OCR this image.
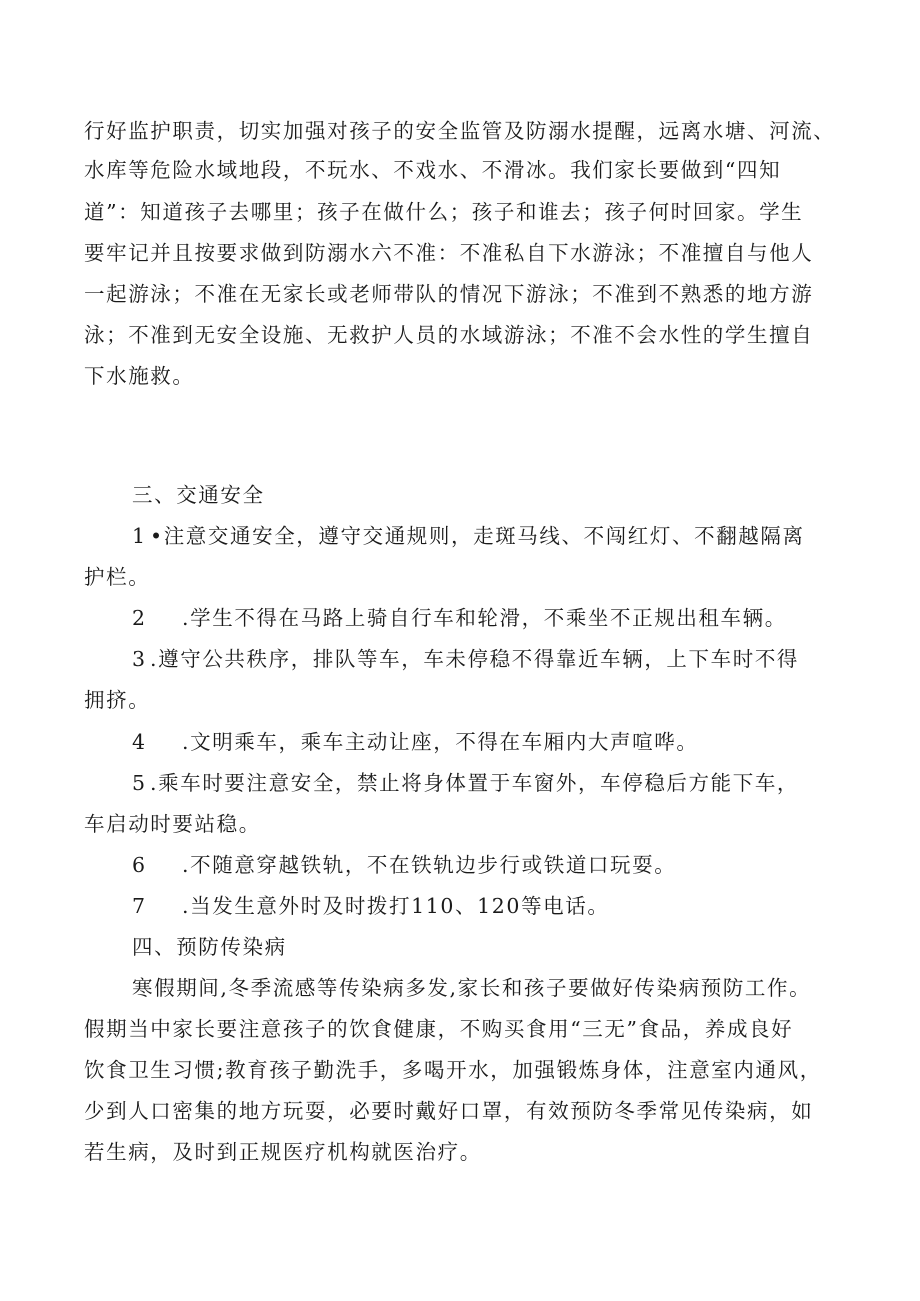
行好监护职责，切实加强对孩子的安全监管及防溺水提醒，远离水塘、河流、
水库等危险水域地段，不玩水、不戏水、不滑冰。我们家长要做到“四知
道”：知道孩子去哪里；孩子在做什么；孩子和谁去；孩子何时回家。学生
要牢记并且按要求做到防溺水六不准：不准私自下水游泳；不准擅自与他人
一起游泳；不准在无家长或老师带队的情况下游泳；不准到不熟悉的地方游
泳；不准到无安全设施、无救护人员的水域游泳；不准不会水性的学生擅自
下水施救。
三、交通安全
1 •注意交通安全，遵守交通规则，走斑马线、不闯红灯、不翻越隔离
护栏。
2 .学生不得在马路上骑自行车和轮滑，不乘坐不正规出租车辆。
3 .遵守公共秩序，排队等车，车未停稳不得靠近车辆，上下车时不得
拥挤。
4 .文明乘车，乘车主动让座，不得在车厢内大声喧哗。
5 .乘车时要注意安全，禁止将身体置于车窗外，车停稳后方能下车，
车启动时要站稳。
6 .不随意穿越铁轨，不在铁轨边步行或铁道口玩耍。
7 .当发生意外时及时拨打110、120等电话。
四、预防传染病
寒假期间,冬季流感等传染病多发,家长和孩子要做好传染病预防工作。
假期当中家长要注意孩子的饮食健康，不购买食用“三无”食品，养成良好
饮食卫生习惯;教育孩子勤洗手，多喝开水，加强锻炼身体，注意室内通风，
少到人口密集的地方玩耍，必要时戴好口罩，有效预防冬季常见传染病，如
若生病，及时到正规医疗机构就医治疗。
